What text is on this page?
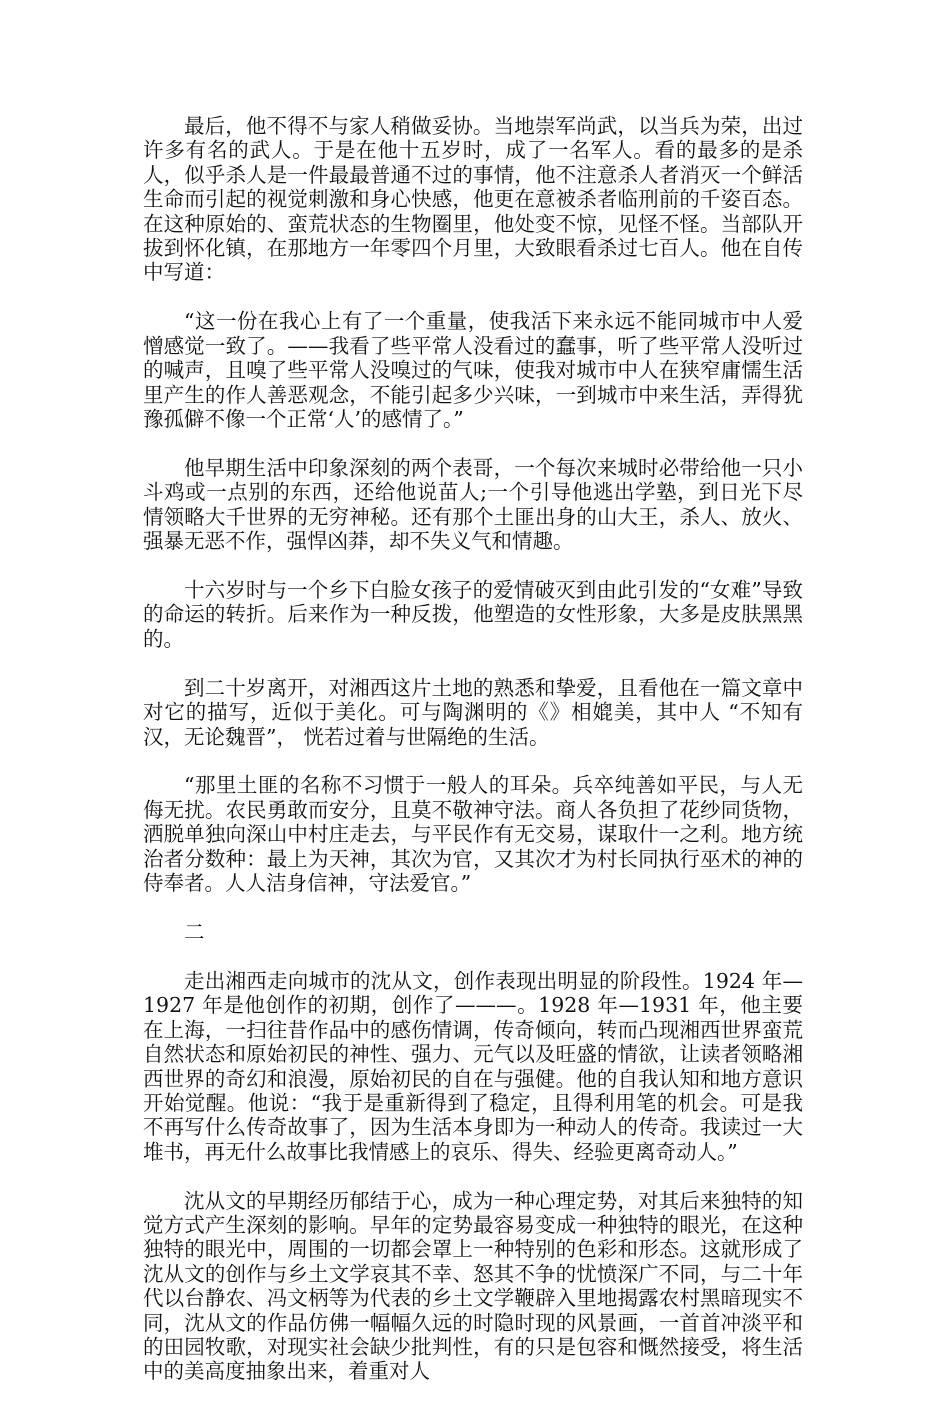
最后，他不得不与家人稍做妥协。当地崇军尚武，以当兵为荣，出过许多有名的武人。于是在他十五岁时，成了一名军人。看的最多的是杀人，似乎杀人是一件最最普通不过的事情，他不注意杀人者消灭一个鲜活生命而引起的视觉刺激和身心快感，他更在意被杀者临刑前的千姿百态。在这种原始的、蛮荒状态的生物圈里，他处变不惊，见怪不怪。当部队开拔到怀化镇，在那地方一年零四个月里，大致眼看杀过七百人。他在自传中写道：

“这一份在我心上有了一个重量，使我活下来永远不能同城市中人爱憎感觉一致了。——我看了些平常人没看过的蠢事，听了些平常人没听过的喊声，且嗅了些平常人没嗅过的气味，使我对城市中人在狭窄庸懦生活里产生的作人善恶观念，不能引起多少兴味，一到城市中来生活，弄得犹豫孤僻不像一个正常‘人’的感情了。”

他早期生活中印象深刻的两个表哥，一个每次来城时必带给他一只小斗鸡或一点别的东西，还给他说苗人;一个引导他逃出学塾，到日光下尽情领略大千世界的无穷神秘。还有那个土匪出身的山大王，杀人、放火、强暴无恶不作，强悍凶莽，却不失义气和情趣。

十六岁时与一个乡下白脸女孩子的爱情破灭到由此引发的“女难”导致的命运的转折。后来作为一种反拨，他塑造的女性形象，大多是皮肤黑黑的。

到二十岁离开，对湘西这片土地的熟悉和挚爱，且看他在一篇文章中对它的描写，近似于美化。可与陶渊明的《》相媲美，其中人 “不知有汉，无论魏晋”， 恍若过着与世隔绝的生活。

“那里土匪的名称不习惯于一般人的耳朵。兵卒纯善如平民，与人无侮无扰。农民勇敢而安分，且莫不敬神守法。商人各负担了花纱同货物，洒脱单独向深山中村庄走去，与平民作有无交易，谋取什一之利。地方统治者分数种：最上为天神，其次为官，又其次才为村长同执行巫术的神的侍奉者。人人洁身信神，守法爱官。”

二

走出湘西走向城市的沈从文，创作表现出明显的阶段性。1924 年—1927 年是他创作的初期，创作了———。1928 年—1931 年，他主要在上海，一扫往昔作品中的感伤情调，传奇倾向，转而凸现湘西世界蛮荒自然状态和原始初民的神性、强力、元气以及旺盛的情欲，让读者领略湘西世界的奇幻和浪漫，原始初民的自在与强健。他的自我认知和地方意识开始觉醒。他说：“我于是重新得到了稳定，且得利用笔的机会。可是我不再写什么传奇故事了，因为生活本身即为一种动人的传奇。我读过一大堆书，再无什么故事比我情感上的哀乐、得失、经验更离奇动人。”

沈从文的早期经历郁结于心，成为一种心理定势，对其后来独特的知觉方式产生深刻的影响。早年的定势最容易变成一种独特的眼光，在这种独特的眼光中，周围的一切都会罩上一种特别的色彩和形态。这就形成了沈从文的创作与乡土文学哀其不幸、怒其不争的忧愤深广不同，与二十年代以台静农、冯文柄等为代表的乡土文学鞭辟入里地揭露农村黑暗现实不同，沈从文的作品仿佛一幅幅久远的时隐时现的风景画，一首首冲淡平和的田园牧歌，对现实社会缺少批判性，有的只是包容和慨然接受，将生活中的美高度抽象出来，着重对人
